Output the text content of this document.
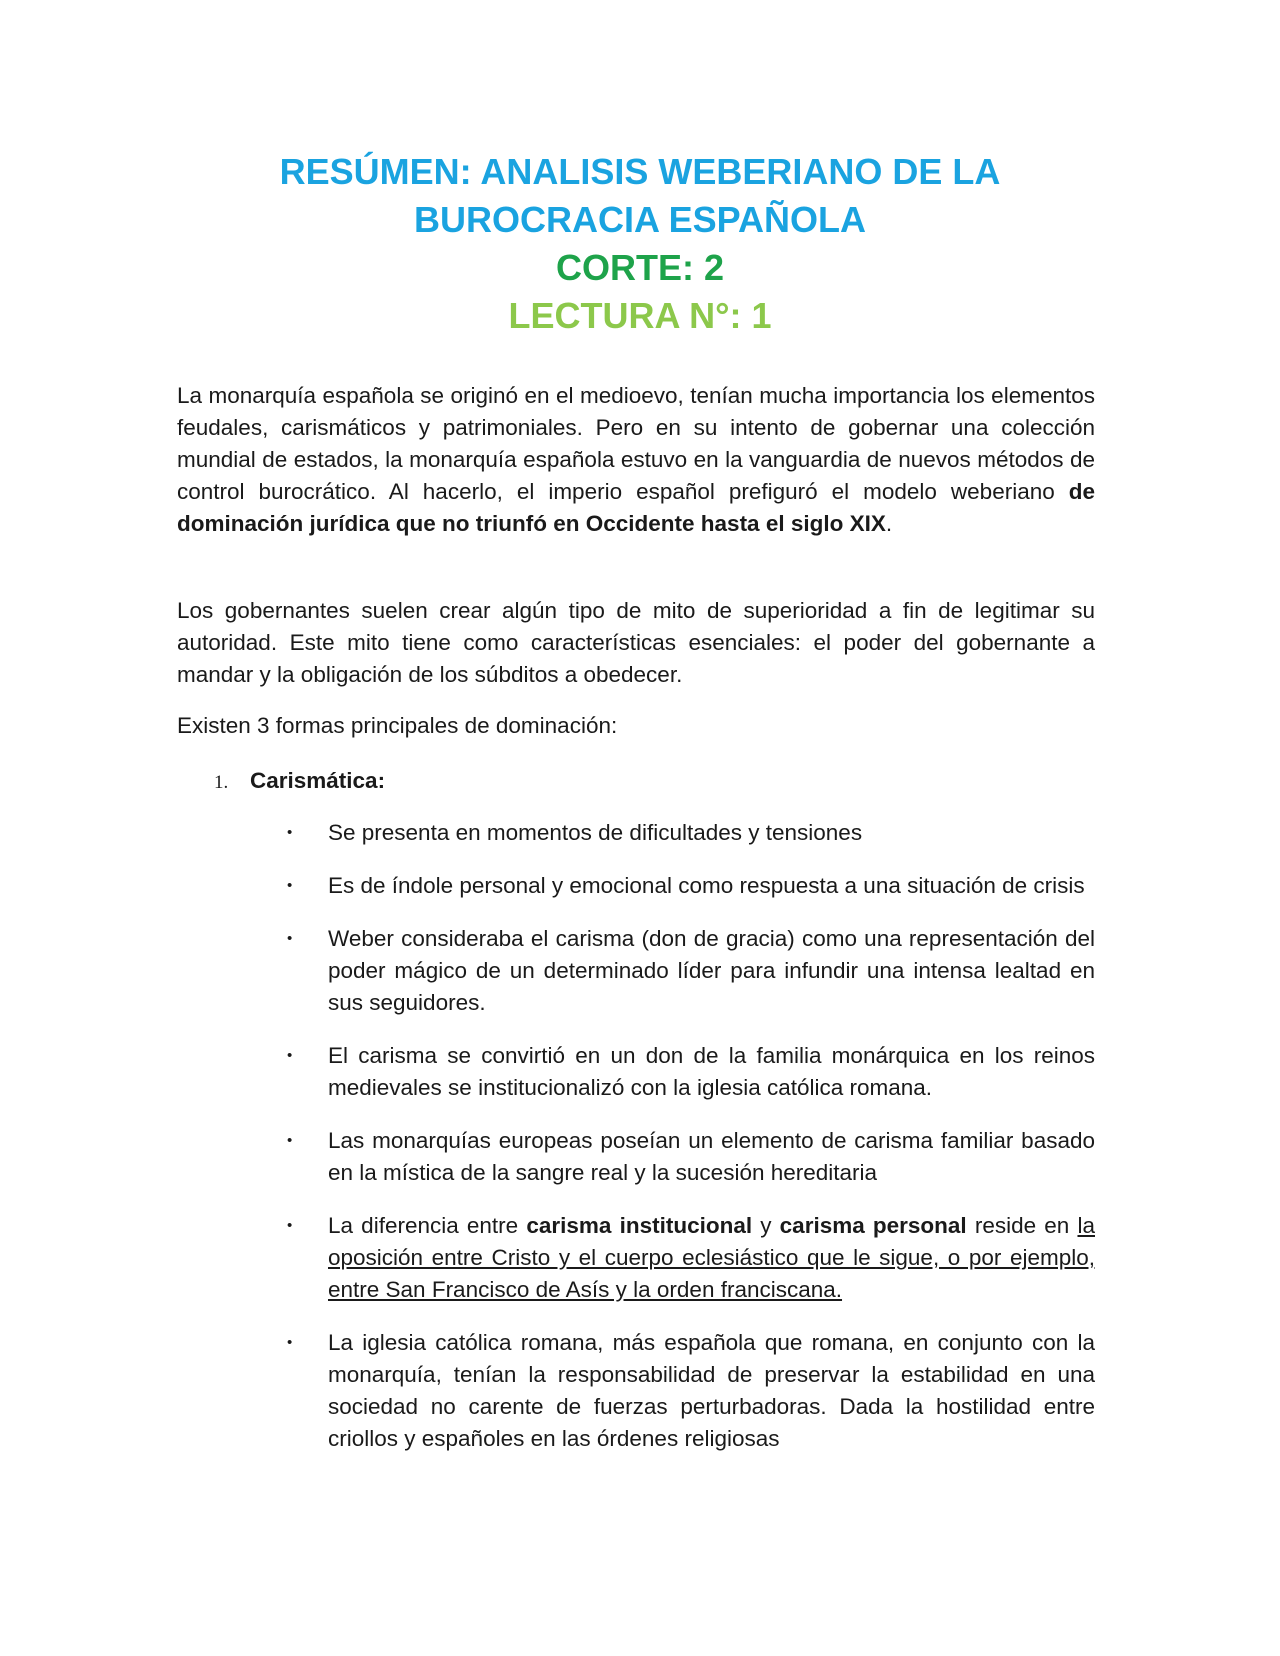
RESÚMEN: ANALISIS WEBERIANO DE LA
BUROCRACIA ESPAÑOLA
CORTE: 2
LECTURA N°: 1
La monarquía española se originó en el medioevo, tenían mucha importancia los elementos feudales, carismáticos y patrimoniales. Pero en su intento de gobernar una colección mundial de estados, la monarquía española estuvo en la vanguardia de nuevos métodos de control burocrático. Al hacerlo, el imperio español prefiguró el modelo weberiano de dominación jurídica que no triunfó en Occidente hasta el siglo XIX.
Los gobernantes suelen crear algún tipo de mito de superioridad a fin de legitimar su autoridad. Este mito tiene como características esenciales: el poder del gobernante a mandar y la obligación de los súbditos a obedecer.
Existen 3 formas principales de dominación:
1. Carismática:
• Se presenta en momentos de dificultades y tensiones
• Es de índole personal y emocional como respuesta a una situación de crisis
• Weber consideraba el carisma (don de gracia) como una representación del poder mágico de un determinado líder para infundir una intensa lealtad en sus seguidores.
• El carisma se convirtió en un don de la familia monárquica en los reinos medievales se institucionalizó con la iglesia católica romana.
• Las monarquías europeas poseían un elemento de carisma familiar basado en la mística de la sangre real y la sucesión hereditaria
• La diferencia entre carisma institucional y carisma personal reside en la oposición entre Cristo y el cuerpo eclesiástico que le sigue, o por ejemplo, entre San Francisco de Asís y la orden franciscana.
• La iglesia católica romana, más española que romana, en conjunto con la monarquía, tenían la responsabilidad de preservar la estabilidad en una sociedad no carente de fuerzas perturbadoras. Dada la hostilidad entre criollos y españoles en las órdenes religiosas
